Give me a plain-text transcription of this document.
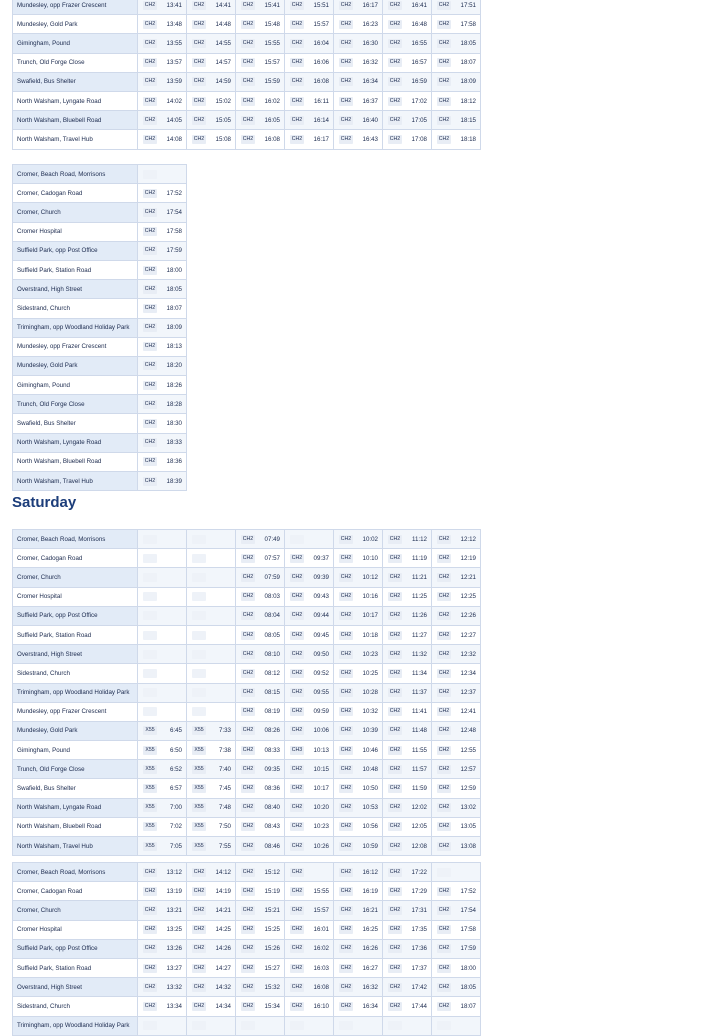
Mundesley, opp Frazer Crescent	CH2 13:41	CH2 14:41	CH2 15:41	CH2 15:51	CH2 16:17	CH2 16:41	CH2 17:51

Mundesley, Gold Park	CH2 13:48	CH2 14:48	CH2 15:48	CH2 15:57	CH2 16:23	CH2 16:48	CH2 17:58

Gimingham, Pound	CH2 13:55	CH2 14:55	CH2 15:55	CH2 16:04	CH2 16:30	CH2 16:55	CH2 18:05

Trunch, Old Forge Close	CH2 13:57	CH2 14:57	CH2 15:57	CH2 16:06	CH2 16:32	CH2 16:57	CH2 18:07

Swafield, Bus Shelter	CH2 13:59	CH2 14:59	CH2 15:59	CH2 16:08	CH2 16:34	CH2 16:59	CH2 18:09

North Walsham, Lyngate Road	CH2 14:02	CH2 15:02	CH2 16:02	CH2 16:11	CH2 16:37	CH2 17:02	CH2 18:12

North Walsham, Bluebell Road	CH2 14:05	CH2 15:05	CH2 16:05	CH2 16:14	CH2 16:40	CH2 17:05	CH2 18:15

North Walsham, Travel Hub	CH2 14:08	CH2 15:08	CH2 16:08	CH2 16:17	CH2 16:43	CH2 17:08	CH2 18:18
Cromer, Beach Road, Morrisons	

Cromer, Cadogan Road	CH2 17:52

Cromer, Church	CH2 17:54

Cromer Hospital	CH2 17:58

Suffield Park, opp Post Office	CH2 17:59

Suffield Park, Station Road	CH2 18:00

Overstrand, High Street	CH2 18:05

Sidestrand, Church	CH2 18:07

Trimingham, opp Woodland Holiday Park	CH2 18:09

Mundesley, opp Frazer Crescent	CH2 18:13

Mundesley, Gold Park	CH2 18:20

Gimingham, Pound	CH2 18:26

Trunch, Old Forge Close	CH2 18:28

Swafield, Bus Shelter	CH2 18:30

North Walsham, Lyngate Road	CH2 18:33

North Walsham, Bluebell Road	CH2 18:36

North Walsham, Travel Hub	CH2 18:39
Saturday
Cromer, Beach Road, Morrisons			CH2 07:49		CH2 10:02	CH2 11:12	CH2 12:12

Cromer, Cadogan Road			CH2 07:57	CH2 09:37	CH2 10:10	CH2 11:19	CH2 12:19

Cromer, Church			CH2 07:59	CH2 09:39	CH2 10:12	CH2 11:21	CH2 12:21

Cromer Hospital			CH2 08:03	CH2 09:43	CH2 10:16	CH2 11:25	CH2 12:25

Suffield Park, opp Post Office			CH2 08:04	CH2 09:44	CH2 10:17	CH2 11:26	CH2 12:26

Suffield Park, Station Road			CH2 08:05	CH2 09:45	CH2 10:18	CH2 11:27	CH2 12:27

Overstrand, High Street			CH2 08:10	CH2 09:50	CH2 10:23	CH2 11:32	CH2 12:32

Sidestrand, Church			CH2 08:12	CH2 09:52	CH2 10:25	CH2 11:34	CH2 12:34

Trimingham, opp Woodland Holiday Park			CH2 08:15	CH2 09:55	CH2 10:28	CH2 11:37	CH2 12:37

Mundesley, opp Frazer Crescent			CH2 08:19	CH2 09:59	CH2 10:32	CH2 11:41	CH2 12:41

Mundesley, Gold Park	X55 6:45	X55 7:33	CH2 08:26	CH2 10:06	CH2 10:39	CH2 11:48	CH2 12:48

Gimingham, Pound	X55 6:50	X55 7:38	CH2 08:33	CH3 10:13	CH2 10:46	CH2 11:55	CH2 12:55

Trunch, Old Forge Close	X55 6:52	X55 7:40	CH2 09:35	CH2 10:15	CH2 10:48	CH2 11:57	CH2 12:57

Swafield, Bus Shelter	X55 6:57	X55 7:45	CH2 08:36	CH2 10:17	CH2 10:50	CH2 11:59	CH2 12:59

North Walsham, Lyngate Road	X55 7:00	X55 7:48	CH2 08:40	CH2 10:20	CH2 10:53	CH2 12:02	CH2 13:02

North Walsham, Bluebell Road	X55 7:02	X55 7:50	CH2 08:43	CH2 10:23	CH2 10:56	CH2 12:05	CH2 13:05

North Walsham, Travel Hub	X55 7:05	X55 7:55	CH2 08:46	CH2 10:26	CH2 10:59	CH2 12:08	CH2 13:08
Cromer, Beach Road, Morrisons	CH2 13:12	CH2 14:12	CH2 15:12	CH2	CH2 16:12	CH2 17:22	

Cromer, Cadogan Road	CH2 13:19	CH2 14:19	CH2 15:19	CH2 15:55	CH2 16:19	CH2 17:29	CH2 17:52

Cromer, Church	CH2 13:21	CH2 14:21	CH2 15:21	CH2 15:57	CH2 16:21	CH2 17:31	CH2 17:54

Cromer Hospital	CH2 13:25	CH2 14:25	CH2 15:25	CH2 16:01	CH2 16:25	CH2 17:35	CH2 17:58

Suffield Park, opp Post Office	CH2 13:26	CH2 14:26	CH2 15:26	CH2 16:02	CH2 16:26	CH2 17:36	CH2 17:59

Suffield Park, Station Road	CH2 13:27	CH2 14:27	CH2 15:27	CH2 16:03	CH2 16:27	CH2 17:37	CH2 18:00

Overstrand, High Street	CH2 13:32	CH2 14:32	CH2 15:32	CH2 16:08	CH2 16:32	CH2 17:42	CH2 18:05

Sidestrand, Church	CH2 13:34	CH2 14:34	CH2 15:34	CH2 16:10	CH2 16:34	CH2 17:44	CH2 18:07

Trimingham, opp Woodland Holiday Park	
